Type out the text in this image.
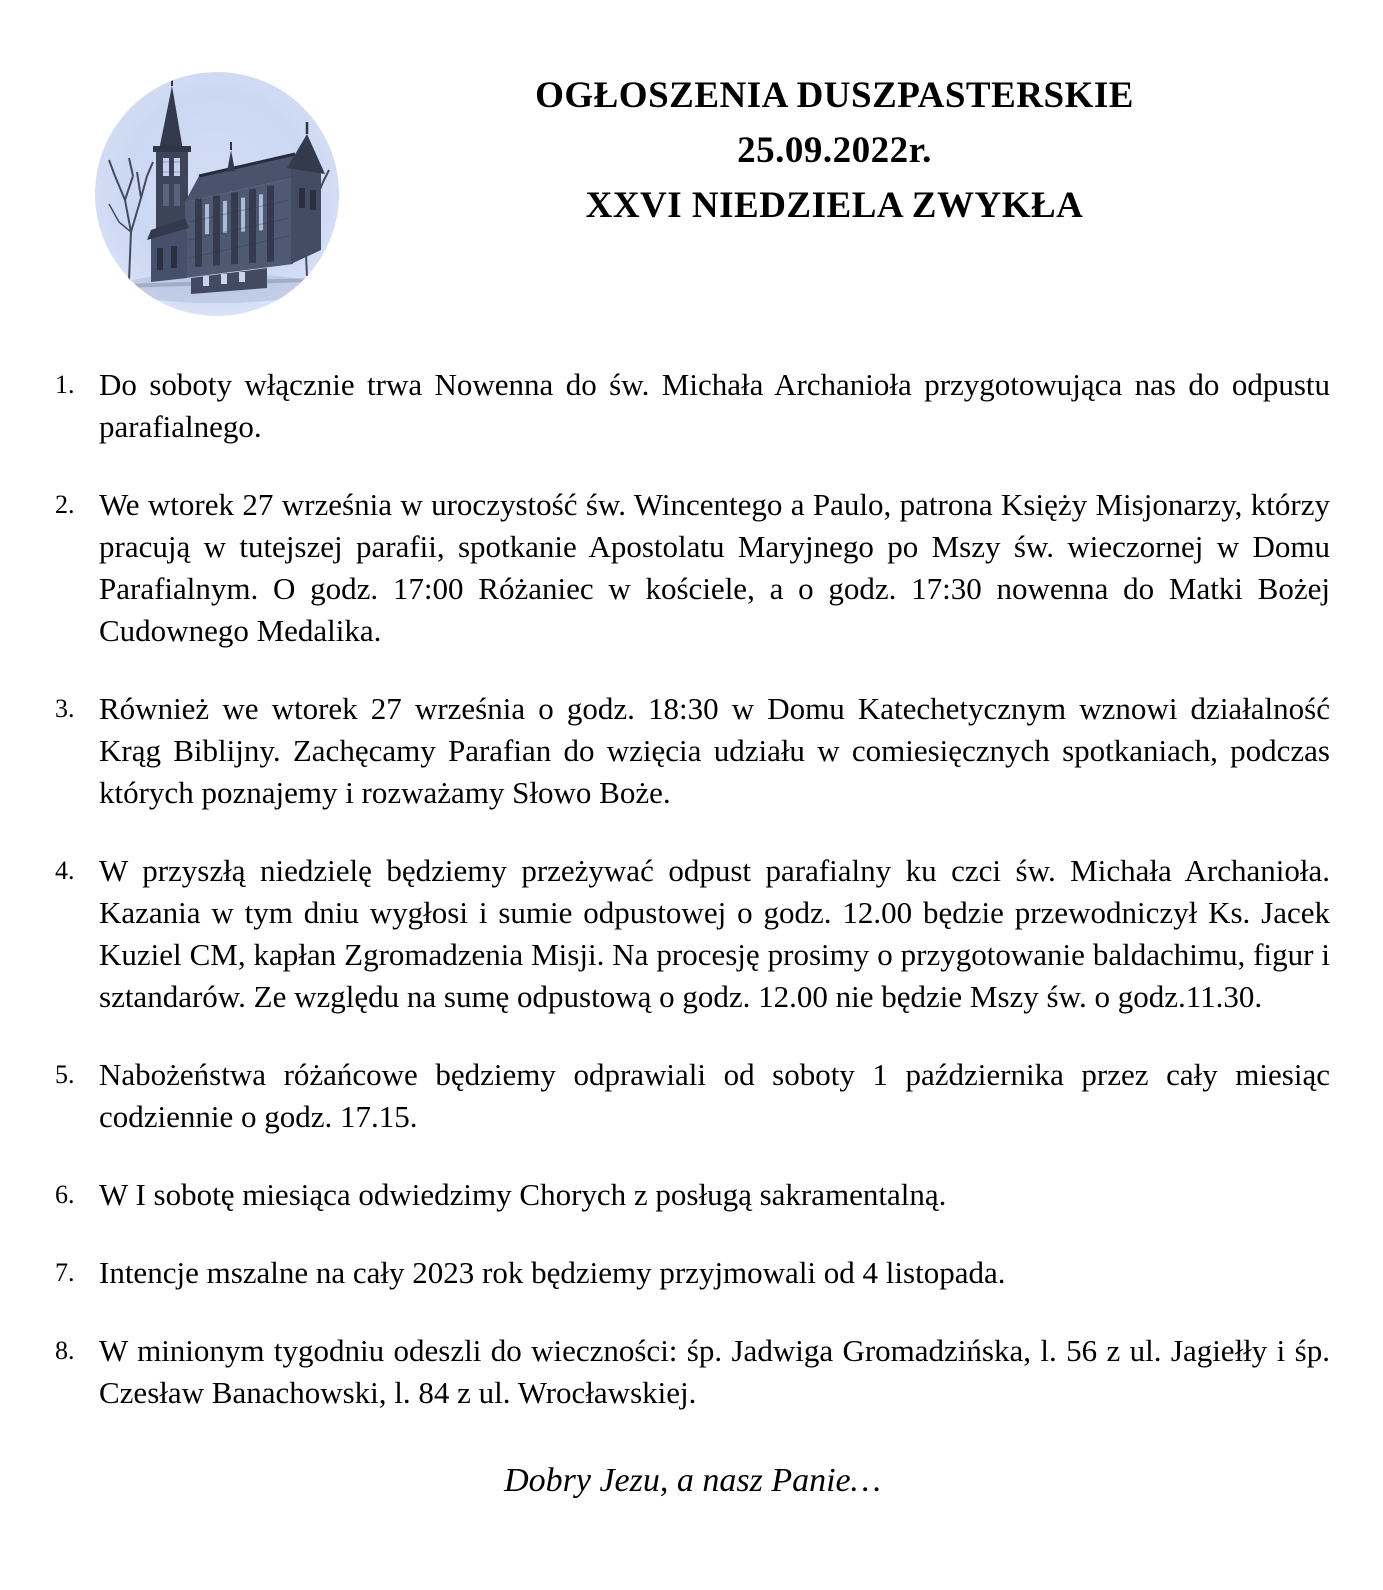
OGŁOSZENIA DUSZPASTERSKIE
25.09.2022r.
XXVI NIEDZIELA ZWYKŁA
1. Do soboty włącznie trwa Nowenna do św. Michała Archanioła przygotowująca nas do odpustu parafialnego.
2. We wtorek 27 września w uroczystość św. Wincentego a Paulo, patrona Księży Misjonarzy, którzy pracują w tutejszej parafii, spotkanie Apostolatu Maryjnego po Mszy św. wieczornej w Domu Parafialnym. O godz. 17:00 Różaniec w kościele, a o godz. 17:30 nowenna do Matki Bożej Cudownego Medalika.
3. Również we wtorek 27 września o godz. 18:30 w Domu Katechetycznym wznowi działalność Krąg Biblijny. Zachęcamy Parafian do wzięcia udziału w comiesięcznych spotkaniach, podczas których poznajemy i rozważamy Słowo Boże.
4. W przyszłą niedzielę będziemy przeżywać odpust parafialny ku czci św. Michała Archanioła. Kazania w tym dniu wygłosi i sumie odpustowej o godz. 12.00 będzie przewodniczył Ks. Jacek Kuziel CM, kapłan Zgromadzenia Misji. Na procesję prosimy o przygotowanie baldachimu, figur i sztandarów. Ze względu na sumę odpustową o godz. 12.00 nie będzie Mszy św. o godz.11.30.
5. Nabożeństwa różańcowe będziemy odprawiali od soboty 1 października przez cały miesiąc codziennie o godz. 17.15.
6. W I sobotę miesiąca odwiedzimy Chorych z posługą sakramentalną.
7. Intencje mszalne na cały 2023 rok będziemy przyjmowali od 4 listopada.
8. W minionym tygodniu odeszli do wieczności: śp. Jadwiga Gromadzińska, l. 56 z ul. Jagiełły i śp. Czesław Banachowski, l. 84 z ul. Wrocławskiej.
Dobry Jezu, a nasz Panie…
